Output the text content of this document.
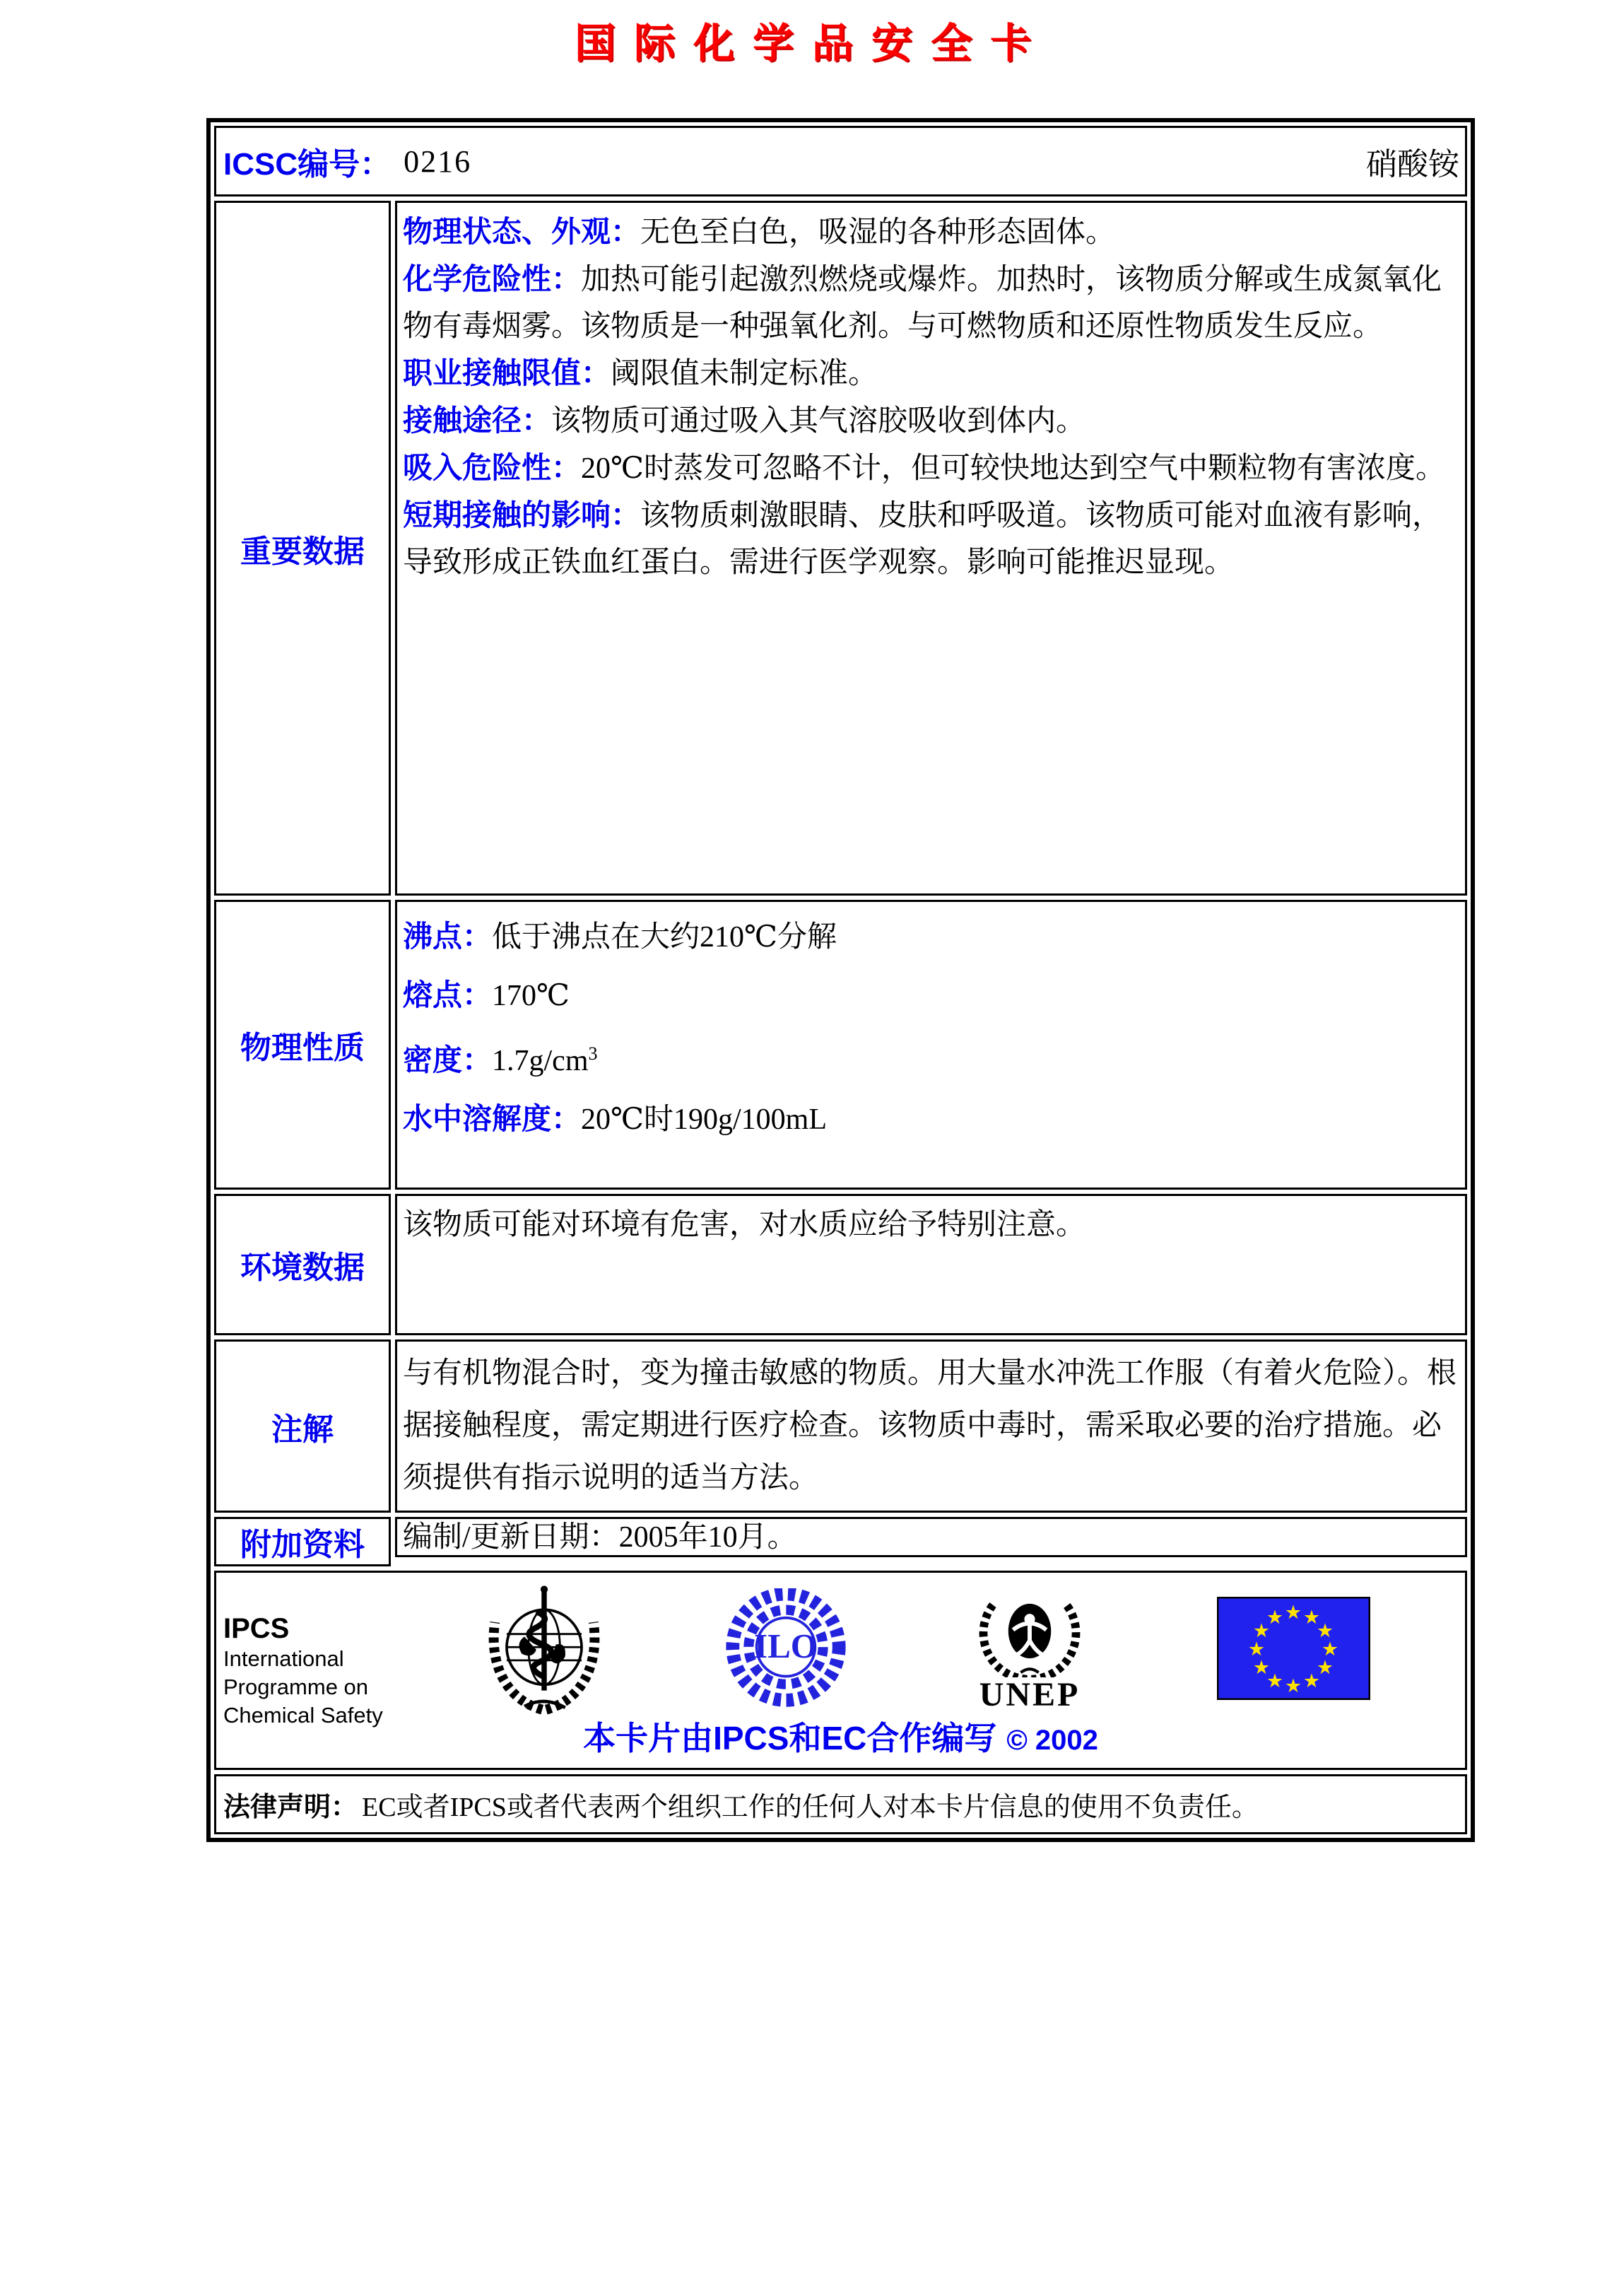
国际化学品安全卡
ICSC编号： 0216	硝酸铵
重要数据

物理状态、外观：无色至白色，吸湿的各种形态固体。

化学危险性：加热可能引起激烈燃烧或爆炸。加热时，该物质分解或生成氮氧化物有毒烟雾。该物质是一种强氧化剂。与可燃物质和还原性物质发生反应。

职业接触限值：阈限值未制定标准。

接触途径：该物质可通过吸入其气溶胶吸收到体内。

吸入危险性：20℃时蒸发可忽略不计，但可较快地达到空气中颗粒物有害浓度。

短期接触的影响：该物质刺激眼睛、皮肤和呼吸道。该物质可能对血液有影响，导致形成正铁血红蛋白。需进行医学观察。影响可能推迟显现。

物理性质

沸点：低于沸点在大约210℃分解

熔点：170℃

密度：$1.7g/cm^3$

水中溶解度：20℃时190g/100mL

环境数据

该物质可能对环境有危害，对水质应给予特别注意。

注解

与有机物混合时，变为撞击敏感的物质。用大量水冲洗工作服（有着火危险）。根据接触程度，需定期进行医疗检查。该物质中毒时，需采取必要的治疗措施。必须提供有指示说明的适当方法。

附加资料	编制/更新日期：2005年10月。

IPCS
International
Programme on
Chemical Safety
ILO
UNEP
★ ★
★
★
★
★
★
★
★
★
★
★
本卡片由IPCS和EC合作编写 © 2002
法律声明： EC或者IPCS或者代表两个组织工作的任何人对本卡片信息的使用不负责任。
